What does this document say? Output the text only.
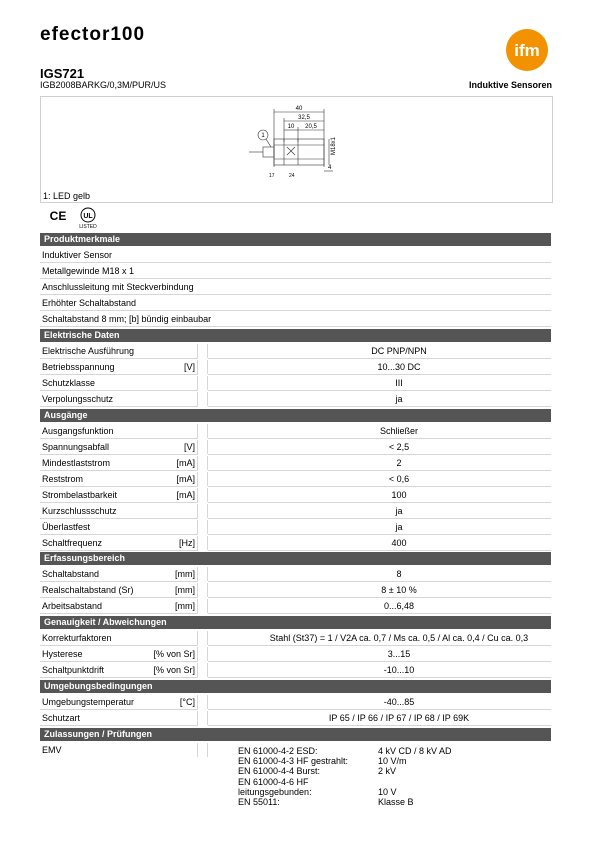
efector100
ifm
IGS721
IGB2008BARKG/0,3M/PUR/US	Induktive Sensoren
40
32,5
10 20,5
M18x1
4
1
17	24
1: LED gelb
CE UL
LISTED
Produktmerkmale
Induktiver Sensor
Metallgewinde M18 x 1
Anschlussleitung mit Steckverbindung
Erhöhter Schaltabstand
Schaltabstand 8 mm; [b] bündig einbaubar
Elektrische Daten
Elektrische Ausführung	DC PNP/NPN
Betriebsspannung	[V]	10...30 DC
Schutzklasse	III
Verpolungsschutz	ja
Ausgänge
Ausgangsfunktion	Schließer
Spannungsabfall	[V]	< 2,5
Mindestlaststrom	[mA]	2
Reststrom	[mA]	< 0,6
Strombelastbarkeit	[mA]	100
Kurzschlussschutz	ja
Überlastfest	ja
Schaltfrequenz	[Hz]	400
Erfassungsbereich
Schaltabstand	[mm]	8
Realschaltabstand (Sr)	[mm]	8 ± 10 %
Arbeitsabstand	[mm]	0...6,48
Genauigkeit / Abweichungen
Korrekturfaktoren	Stahl (St37) = 1 / V2A ca. 0,7 / Ms ca. 0,5 / Al ca. 0,4 / Cu ca. 0,3
Hysterese	[% von Sr]	3...15
Schaltpunktdrift	[% von Sr]	-10...10
Umgebungsbedingungen
Umgebungstemperatur	[°C]	-40...85
Schutzart	IP 65 / IP 66 / IP 67 / IP 68 / IP 69K
Zulassungen / Prüfungen
EMV	EN 61000-4-2 ESD:	4 kV CD / 8 kV AD
EN 61000-4-3 HF gestrahlt:	10 V/m
EN 61000-4-4 Burst:	2 kV
EN 61000-4-6 HF
leitungsgebunden:	10 V
EN 55011:	Klasse B
